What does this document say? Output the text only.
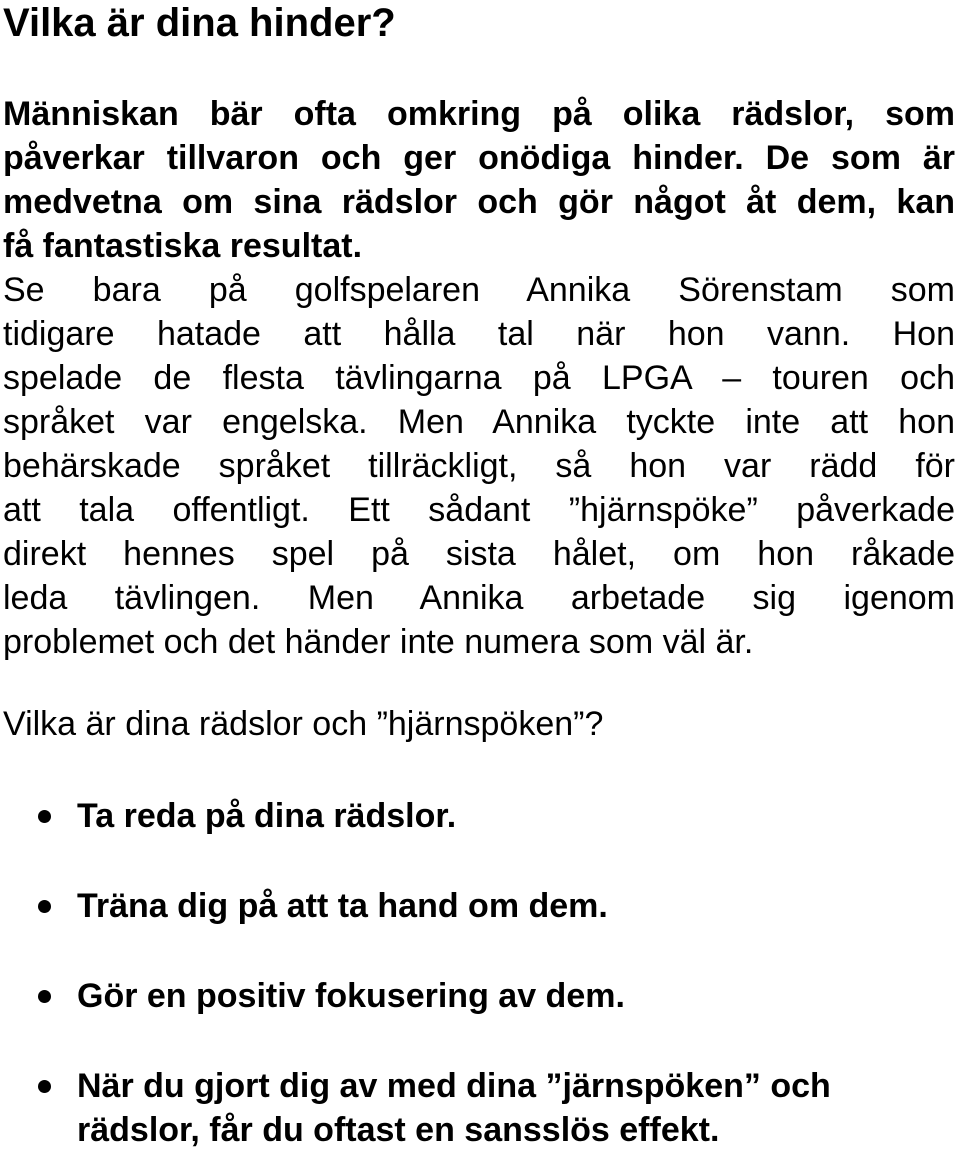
Vilka är dina hinder?
Människan bär ofta omkring på olika rädslor, som
påverkar tillvaron och ger onödiga hinder. De som är
medvetna om sina rädslor och gör något åt dem, kan
få fantastiska resultat.
Se bara på golfspelaren Annika Sörenstam som
tidigare hatade att hålla tal när hon vann. Hon
spelade de flesta tävlingarna på LPGA – touren och
språket var engelska. Men Annika tyckte inte att hon
behärskade språket tillräckligt, så hon var rädd för
att tala offentligt. Ett sådant ”hjärnspöke” påverkade
direkt hennes spel på sista hålet, om hon råkade
leda tävlingen. Men Annika arbetade sig igenom
problemet och det händer inte numera som väl är.
Vilka är dina rädslor och ”hjärnspöken”?
Ta reda på dina rädslor.
Träna dig på att ta hand om dem.
Gör en positiv fokusering av dem.
När du gjort dig av med dina ”järnspöken” och rädslor, får du oftast en sansslös effekt.
